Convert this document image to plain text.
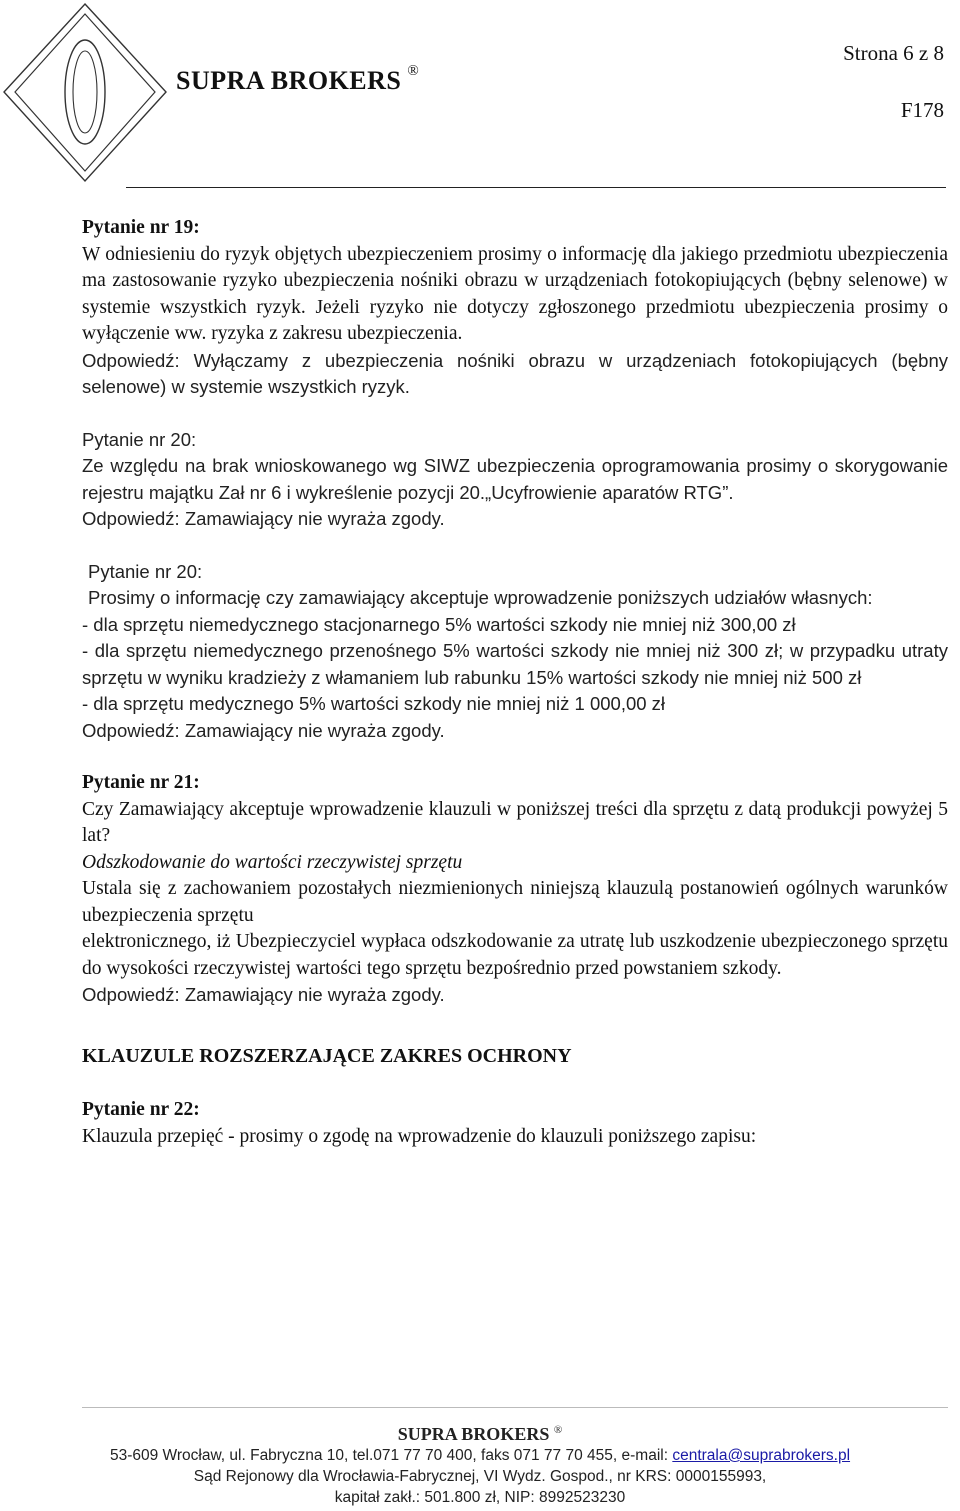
SUPRA BROKERS ®
Strona 6 z 8
F178
Pytanie nr 19:

W odniesieniu do ryzyk objętych ubezpieczeniem prosimy o informację dla jakiego przedmiotu ubezpieczenia ma zastosowanie ryzyko ubezpieczenia nośniki obrazu w urządzeniach fotokopiujących (bębny selenowe) w systemie wszystkich ryzyk. Jeżeli ryzyko nie dotyczy zgłoszonego przedmiotu ubezpieczenia prosimy o wyłączenie ww. ryzyka z zakresu ubezpieczenia.

Odpowiedź: Wyłączamy z ubezpieczenia nośniki obrazu w urządzeniach fotokopiujących (bębny selenowe) w systemie wszystkich ryzyk.

Pytanie nr 20:

Ze względu na brak wnioskowanego wg SIWZ ubezpieczenia oprogramowania prosimy o skorygowanie rejestru majątku Zał nr 6 i wykreślenie pozycji 20.„Ucyfrowienie aparatów RTG”.

Odpowiedź: Zamawiający nie wyraża zgody.

Pytanie nr 20:

Prosimy o informację czy zamawiający akceptuje wprowadzenie poniższych udziałów własnych:

- dla sprzętu niemedycznego stacjonarnego 5% wartości szkody nie mniej niż 300,00 zł

- dla sprzętu niemedycznego przenośnego 5% wartości szkody nie mniej niż 300 zł; w przypadku utraty sprzętu w wyniku kradzieży z włamaniem lub rabunku 15% wartości szkody nie mniej niż 500 zł

- dla sprzętu medycznego 5% wartości szkody nie mniej niż 1 000,00 zł

Odpowiedź: Zamawiający nie wyraża zgody.

Pytanie nr 21:

Czy Zamawiający akceptuje wprowadzenie klauzuli w poniższej treści dla sprzętu z datą produkcji powyżej 5 lat?

Odszkodowanie do wartości rzeczywistej sprzętu

Ustala się z zachowaniem pozostałych niezmienionych niniejszą klauzulą postanowień ogólnych warunków ubezpieczenia sprzętu

elektronicznego, iż Ubezpieczyciel wypłaca odszkodowanie za utratę lub uszkodzenie ubezpieczonego sprzętu do wysokości rzeczywistej wartości tego sprzętu bezpośrednio przed powstaniem szkody.

Odpowiedź: Zamawiający nie wyraża zgody.

KLAUZULE ROZSZERZAJĄCE ZAKRES OCHRONY
Pytanie nr 22:

Klauzula przepięć - prosimy o zgodę na wprowadzenie do klauzuli poniższego zapisu:

SUPRA BROKERS ®
53-609 Wrocław, ul. Fabryczna 10, tel.071 77 70 400, faks 071 77 70 455, e-mail: centrala@suprabrokers.pl
Sąd Rejonowy dla Wrocławia-Fabrycznej, VI Wydz. Gospod., nr KRS: 0000155993,
kapitał zakł.: 501.800 zł, NIP: 8992523230
